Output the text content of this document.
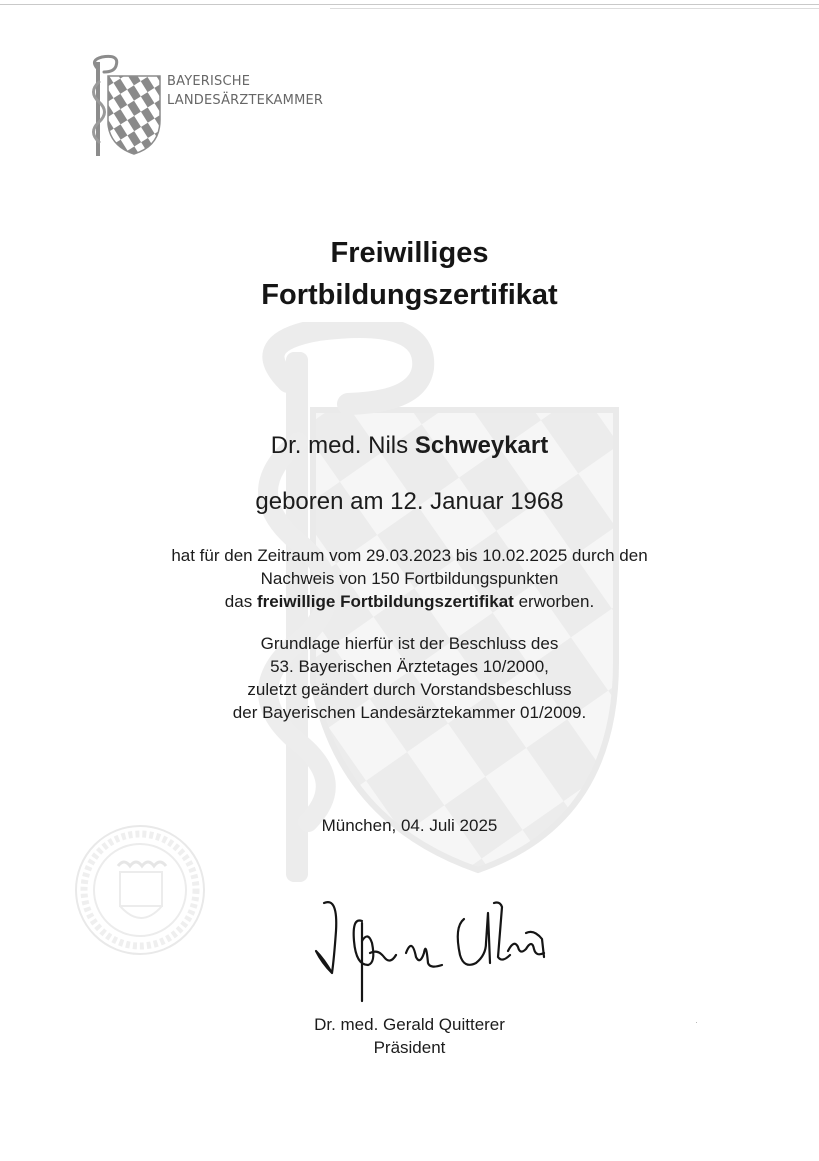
BAYERISCHE
LANDESÄRZTEKAMMER
Freiwilliges
Fortbildungszertifikat
Dr. med. Nils Schweykart
geboren am 12. Januar 1968
hat für den Zeitraum vom 29.03.2023 bis 10.02.2025 durch den
Nachweis von 150 Fortbildungspunkten
das freiwillige Fortbildungszertifikat erworben.
Grundlage hierfür ist der Beschluss des
53. Bayerischen Ärztetages 10/2000,
zuletzt geändert durch Vorstandsbeschluss
der Bayerischen Landesärztekammer 01/2009.
München, 04. Juli 2025
Dr. med. Gerald Quitterer
Präsident
